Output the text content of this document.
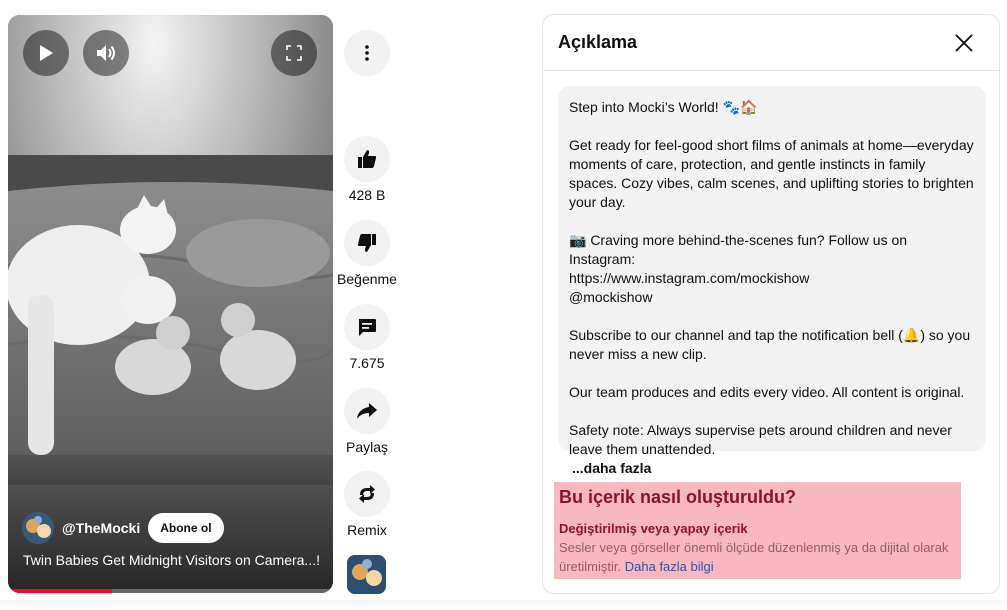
@TheMocki	Abone ol
Twin Babies Get Midnight Visitors on Camera...!
428 B
Beğenme
7.675
Paylaş
Remix
Açıklama

Step into Mocki’s World! 🐾🏠

Get ready for feel-good short films of animals at home—everyday moments of care, protection, and gentle instincts in family spaces. Cozy vibes, calm scenes, and uplifting stories to brighten your day.

📷 Craving more behind-the-scenes fun? Follow us on Instagram:
https://www.instagram.com/mockishow
@mockishow

Subscribe to our channel and tap the notification bell (🔔) so you never miss a new clip.

Our team produces and edits every video. All content is original.

Safety note: Always supervise pets around children and never leave them unattended.
...daha fazla

Bu içerik nasıl oluşturuldu?
Değiştirilmiş veya yapay içerik
Sesler veya görseller önemli ölçüde düzenlenmiş ya da dijital olarak üretilmiştir. Daha fazla bilgi
